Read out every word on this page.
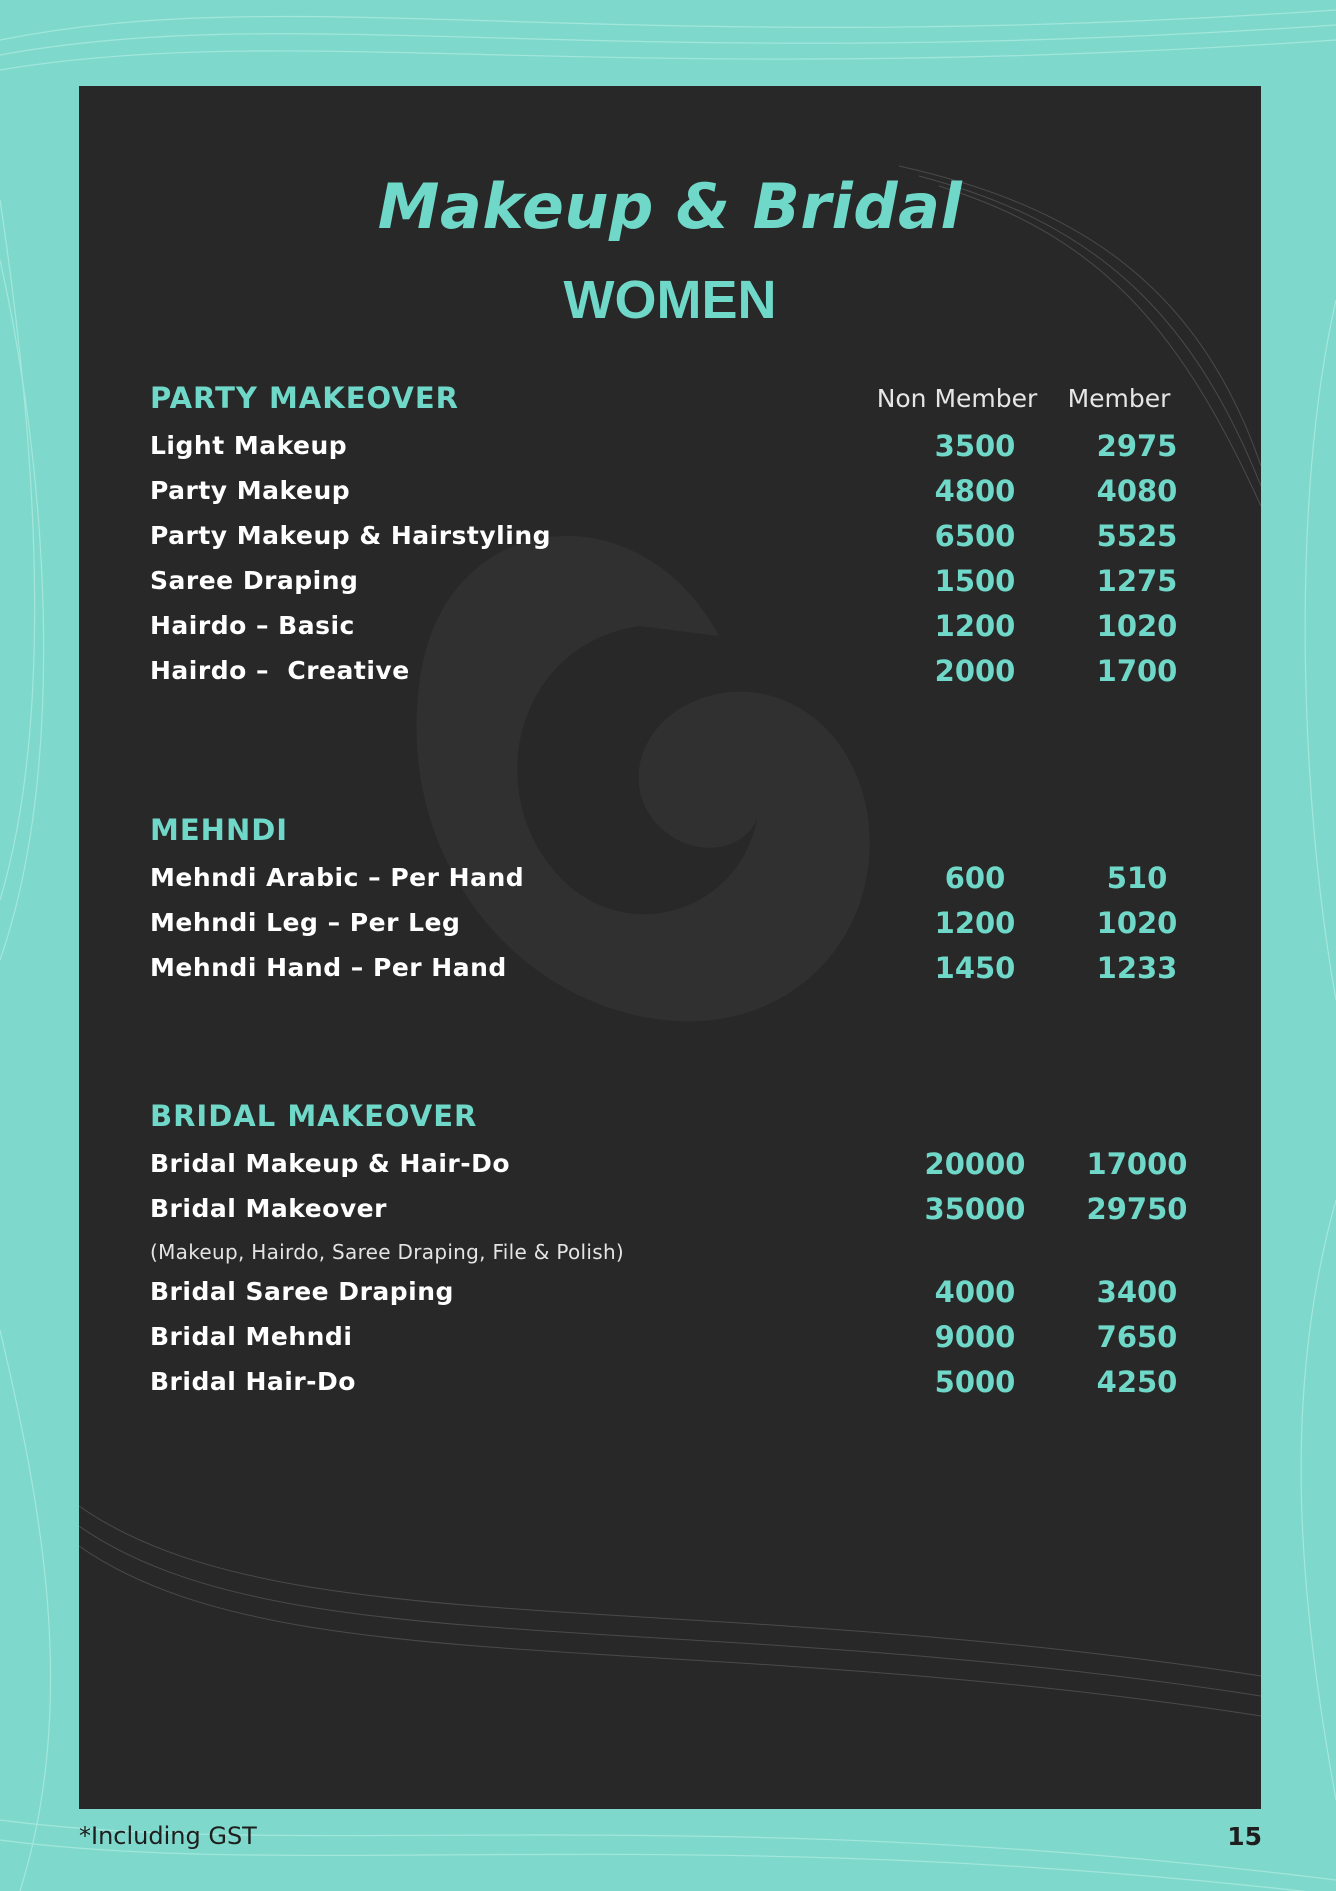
Makeup & Bridal
WOMEN
Non Member	Member
PARTY MAKEOVER
Light Makeup	3500	2975
Party Makeup	4800	4080
Party Makeup & Hairstyling	6500	5525
Saree Draping	1500	1275
Hairdo – Basic	1200	1020
Hairdo –  Creative	2000	1700
MEHNDI
Mehndi Arabic – Per Hand	600	510
Mehndi Leg – Per Leg	1200	1020
Mehndi Hand – Per Hand	1450	1233
BRIDAL MAKEOVER
Bridal Makeup & Hair-Do	20000	17000
Bridal Makeover	35000	29750
(Makeup, Hairdo, Saree Draping, File & Polish)
Bridal Saree Draping	4000	3400
Bridal Mehndi	9000	7650
Bridal Hair-Do	5000	4250
*Including GST	15
